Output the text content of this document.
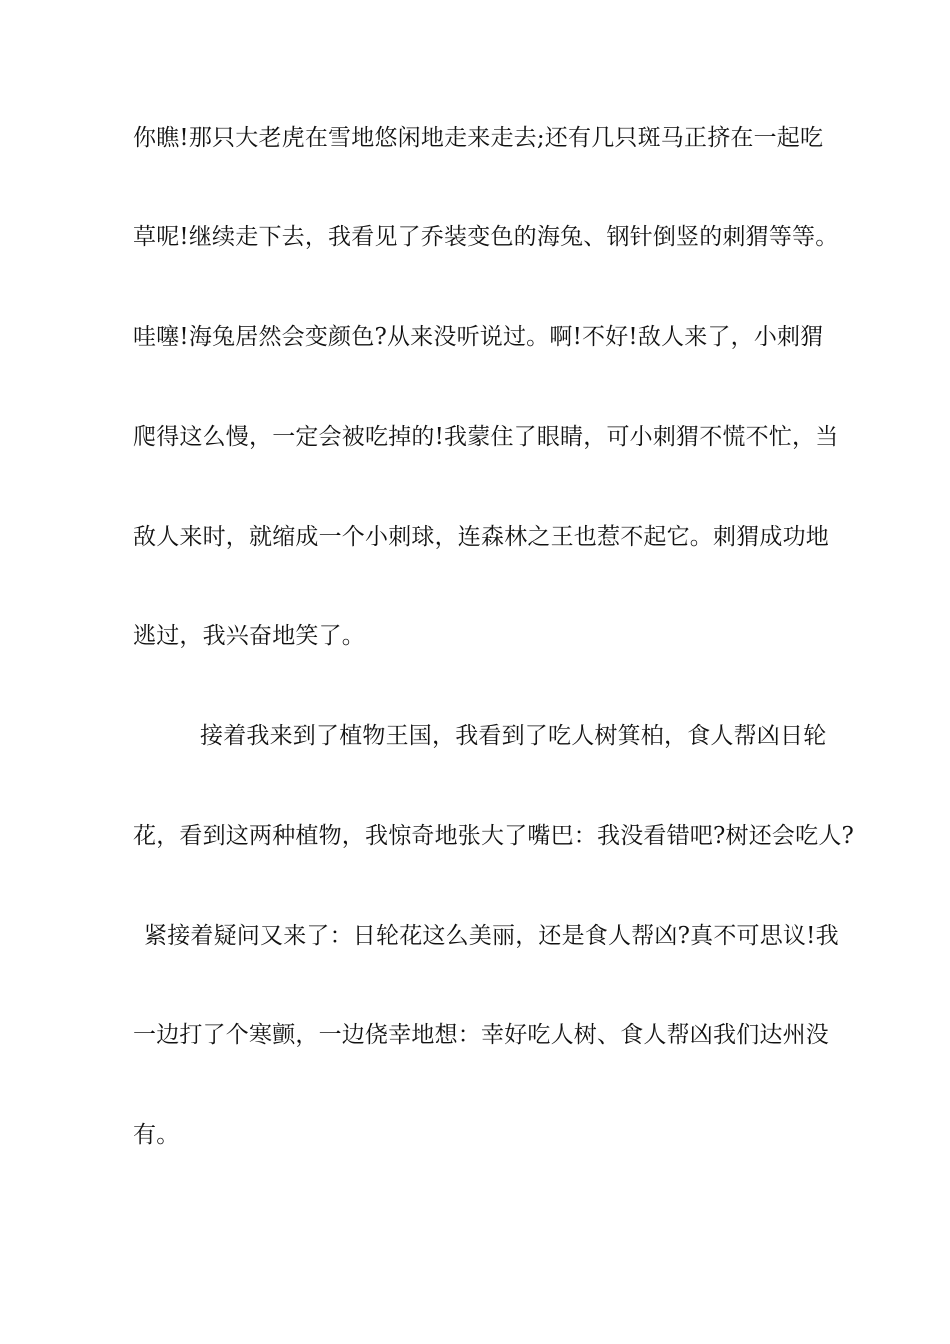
你瞧!那只大老虎在雪地悠闲地走来走去;还有几只斑马正挤在一起吃
草呢!继续走下去，我看见了乔装变色的海兔、钢针倒竖的刺猬等等。
哇噻!海兔居然会变颜色?从来没听说过。啊!不好!敌人来了，小刺猬
爬得这么慢，一定会被吃掉的!我蒙住了眼睛，可小刺猬不慌不忙，当
敌人来时，就缩成一个小刺球，连森林之王也惹不起它。刺猬成功地
逃过，我兴奋地笑了。
接着我来到了植物王国，我看到了吃人树箕柏，食人帮凶日轮
花，看到这两种植物，我惊奇地张大了嘴巴：我没看错吧?树还会吃人?
紧接着疑问又来了：日轮花这么美丽，还是食人帮凶?真不可思议!我
一边打了个寒颤，一边侥幸地想：幸好吃人树、食人帮凶我们达州没
有。
